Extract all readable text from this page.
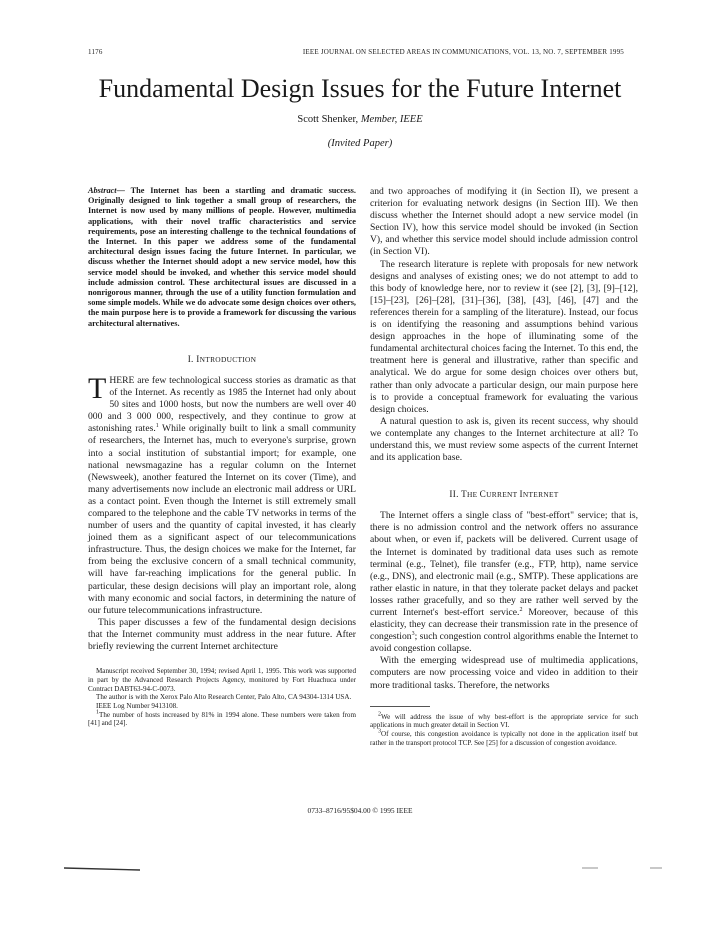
1176	IEEE JOURNAL ON SELECTED AREAS IN COMMUNICATIONS, VOL. 13, NO. 7, SEPTEMBER 1995
Fundamental Design Issues for the Future Internet
Scott Shenker, Member, IEEE
(Invited Paper)
Abstract— The Internet has been a startling and dramatic success. Originally designed to link together a small group of researchers, the Internet is now used by many millions of people. However, multimedia applications, with their novel traffic characteristics and service requirements, pose an interesting challenge to the technical foundations of the Internet. In this paper we address some of the fundamental architectural design issues facing the future Internet. In particular, we discuss whether the Internet should adopt a new service model, how this service model should be invoked, and whether this service model should include admission control. These architectural issues are discussed in a nonrigorous manner, through the use of a utility function formulation and some simple models. While we do advocate some design choices over others, the main purpose here is to provide a framework for discussing the various architectural alternatives.
I. INTRODUCTION

THERE are few technological success stories as dramatic as that of the Internet. As recently as 1985 the Internet had only about 50 sites and 1000 hosts, but now the numbers are well over 40 000 and 3 000 000, respectively, and they continue to grow at astonishing rates.$^1$ While originally built to link a small community of researchers, the Internet has, much to everyone's surprise, grown into a social institution of substantial import; for example, one national newsmagazine has a regular column on the Internet (Newsweek), another featured the Internet on its cover (Time), and many advertisements now include an electronic mail address or URL as a contact point. Even though the Internet is still extremely small compared to the telephone and the cable TV networks in terms of the number of users and the quantity of capital invested, it has clearly joined them as a significant aspect of our telecommunications infrastructure. Thus, the design choices we make for the Internet, far from being the exclusive concern of a small technical community, will have far-reaching implications for the general public. In particular, these design decisions will play an important role, along with many economic and social factors, in determining the nature of our future telecommunications infrastructure.

This paper discusses a few of the fundamental design decisions that the Internet community must address in the near future. After briefly reviewing the current Internet architecture

Manuscript received September 30, 1994; revised April 1, 1995. This work was supported in part by the Advanced Research Projects Agency, monitored by Fort Huachuca under Contract DABT63-94-C-0073.

The author is with the Xerox Palo Alto Research Center, Palo Alto, CA 94304-1314 USA.

IEEE Log Number 9413108.

$^1$The number of hosts increased by 81% in 1994 alone. These numbers were taken from [41] and [24].

and two approaches of modifying it (in Section II), we present a criterion for evaluating network designs (in Section III). We then discuss whether the Internet should adopt a new service model (in Section IV), how this service model should be invoked (in Section V), and whether this service model should include admission control (in Section VI).

The research literature is replete with proposals for new network designs and analyses of existing ones; we do not attempt to add to this body of knowledge here, nor to review it (see [2], [3], [9]–[12], [15]–[23], [26]–[28], [31]–[36], [38], [43], [46], [47] and the references therein for a sampling of the literature). Instead, our focus is on identifying the reasoning and assumptions behind various design approaches in the hope of illuminating some of the fundamental architectural choices facing the Internet. To this end, the treatment here is general and illustrative, rather than specific and analytical. We do argue for some design choices over others but, rather than only advocate a particular design, our main purpose here is to provide a conceptual framework for evaluating the various design choices.

A natural question to ask is, given its recent success, why should we contemplate any changes to the Internet architecture at all? To understand this, we must review some aspects of the current Internet and its application base.

II. THE CURRENT INTERNET

The Internet offers a single class of "best-effort" service; that is, there is no admission control and the network offers no assurance about when, or even if, packets will be delivered. Current usage of the Internet is dominated by traditional data uses such as remote terminal (e.g., Telnet), file transfer (e.g., FTP, http), name service (e.g., DNS), and electronic mail (e.g., SMTP). These applications are rather elastic in nature, in that they tolerate packet delays and packet losses rather gracefully, and so they are rather well served by the current Internet's best-effort service.$^2$ Moreover, because of this elasticity, they can decrease their transmission rate in the presence of congestion$^3$; such congestion control algorithms enable the Internet to avoid congestion collapse.

With the emerging widespread use of multimedia applications, computers are now processing voice and video in addition to their more traditional tasks. Therefore, the networks

$^2$We will address the issue of why best-effort is the appropriate service for such applications in much greater detail in Section VI.

$^3$Of course, this congestion avoidance is typically not done in the application itself but rather in the transport protocol TCP. See [25] for a discussion of congestion avoidance.

0733–8716/95$04.00 © 1995 IEEE
